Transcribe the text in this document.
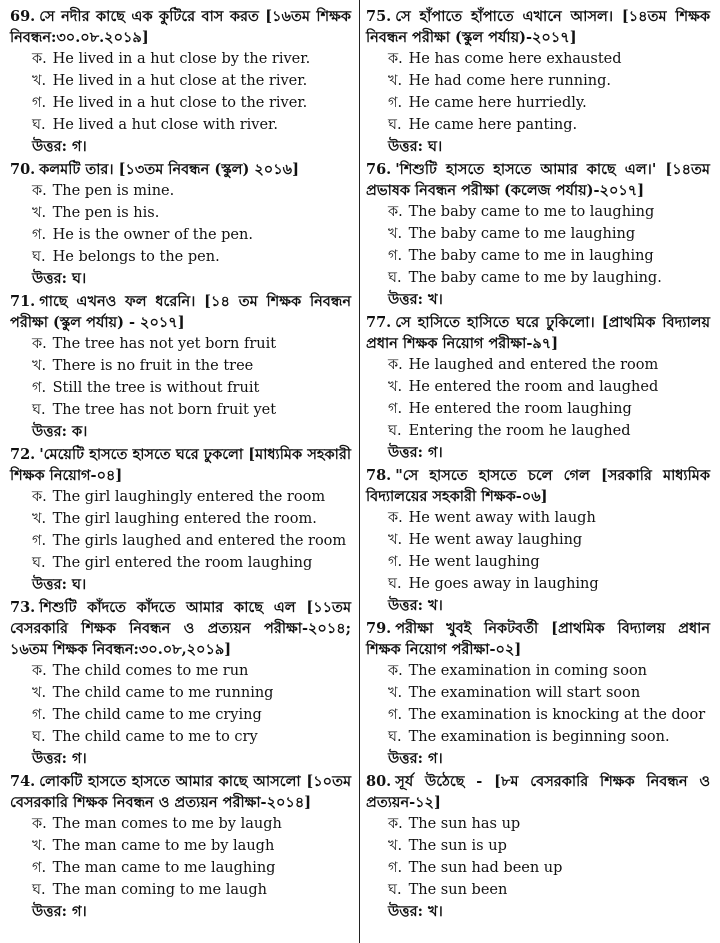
69. সে নদীর কাছে এক কুটিরে বাস করত [১৬তম শিক্ষক নিবন্ধন:৩০.০৮.২০১৯]
ক. He lived in a hut close by the river.
খ. He lived in a hut close at the river.
গ. He lived in a hut close to the river.
ঘ. He lived a hut close with river.
উত্তর: গ।
70. কলমটি তার। [১৩তম নিবন্ধন (স্কুল) ২০১৬]
ক. The pen is mine.
খ. The pen is his.
গ. He is the owner of the pen.
ঘ. He belongs to the pen.
উত্তর: ঘ।
71. গাছে এখনও ফল ধরেনি। [১৪ তম শিক্ষক নিবন্ধন পরীক্ষা (স্কুল পর্যায়) - ২০১৭]
ক. The tree has not yet born fruit
খ. There is no fruit in the tree
গ. Still the tree is without fruit
ঘ. The tree has not born fruit yet
উত্তর: ক।
72. 'মেয়েটি হাসতে হাসতে ঘরে ঢুকলো [মাধ্যমিক সহকারী শিক্ষক নিয়োগ-০৪]
ক. The girl laughingly entered the room
খ. The girl laughing entered the room.
গ. The girls laughed and entered the room
ঘ. The girl entered the room laughing
উত্তর: ঘ।
73. শিশুটি কাঁদতে কাঁদতে আমার কাছে এল [১১তম বেসরকারি শিক্ষক নিবন্ধন ও প্রত্যয়ন পরীক্ষা-২০১৪; ১৬তম শিক্ষক নিবন্ধন:৩০.০৮,২০১৯]
ক. The child comes to me run
খ. The child came to me running
গ. The child came to me crying
ঘ. The child came to me to cry
উত্তর: গ।
74. লোকটি হাসতে হাসতে আমার কাছে আসলো [১০তম বেসরকারি শিক্ষক নিবন্ধন ও প্রত্যয়ন পরীক্ষা-২০১৪]
ক. The man comes to me by laugh
খ. The man came to me by laugh
গ. The man came to me laughing
ঘ. The man coming to me laugh
উত্তর: গ।
75. সে হাঁপাতে হাঁপাতে এখানে আসল। [১৪তম শিক্ষক নিবন্ধন পরীক্ষা (স্কুল পর্যায়)-২০১৭]
ক. He has come here exhausted
খ. He had come here running.
গ. He came here hurriedly.
ঘ. He came here panting.
উত্তর: ঘ।
76. 'শিশুটি হাসতে হাসতে আমার কাছে এল।' [১৪তম প্রভাষক নিবন্ধন পরীক্ষা (কলেজ পর্যায়)-২০১৭]
ক. The baby came to me to laughing
খ. The baby came to me laughing
গ. The baby came to me in laughing
ঘ. The baby came to me by laughing.
উত্তর: খ।
77. সে হাসিতে হাসিতে ঘরে ঢুকিলো। [প্রাথমিক বিদ্যালয় প্রধান শিক্ষক নিয়োগ পরীক্ষা-৯৭]
ক. He laughed and entered the room
খ. He entered the room and laughed
গ. He entered the room laughing
ঘ. Entering the room he laughed
উত্তর: গ।
78. "সে হাসতে হাসতে চলে গেল [সরকারি মাধ্যমিক বিদ্যালয়ের সহকারী শিক্ষক-০৬]
ক. He went away with laugh
খ. He went away laughing
গ. He went laughing
ঘ. He goes away in laughing
উত্তর: খ।
79. পরীক্ষা খুবই নিকটবর্তী [প্রাথমিক বিদ্যালয় প্রধান শিক্ষক নিয়োগ পরীক্ষা-০২]
ক. The examination in coming soon
খ. The examination will start soon
গ. The examination is knocking at the door
ঘ. The examination is beginning soon.
উত্তর: গ।
80. সূর্য উঠেছে - [৮ম বেসরকারি শিক্ষক নিবন্ধন ও প্রত্যয়ন-১২]
ক. The sun has up
খ. The sun is up
গ. The sun had been up
ঘ. The sun been
উত্তর: খ।
